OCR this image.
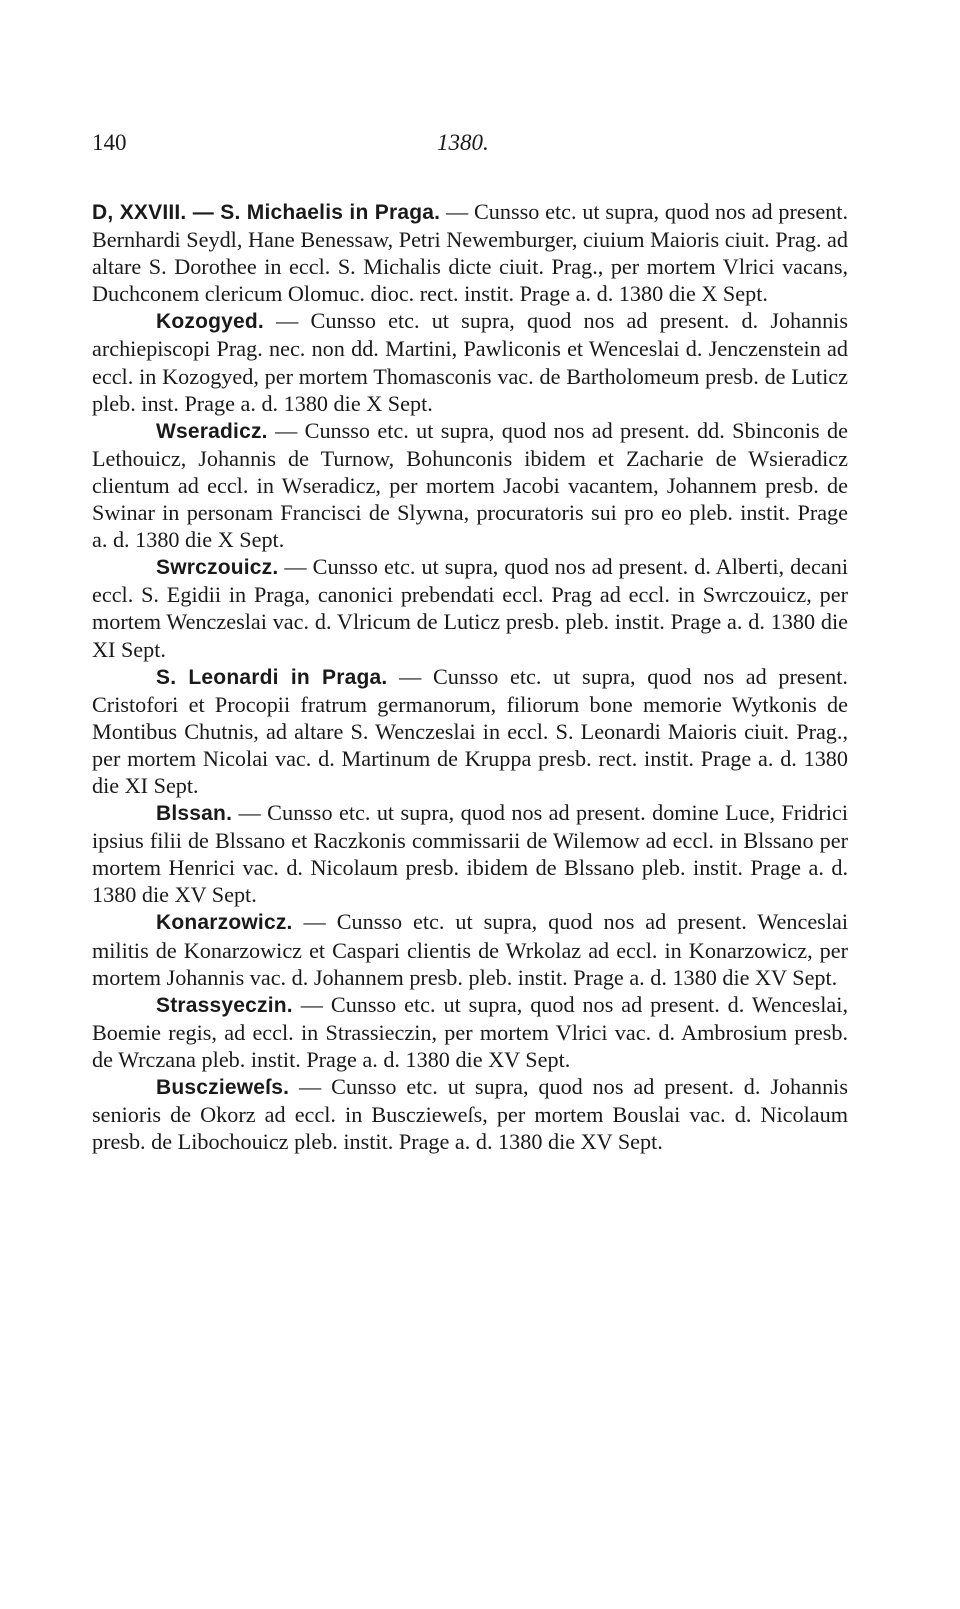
140	1380.

D, XXVIII. — S. Michaelis in Praga. — Cunsso etc. ut supra, quod nos ad present. Bernhardi Seydl, Hane Benessaw, Petri Newemburger, ciuium Maioris ciuit. Prag. ad altare S. Dorothee in eccl. S. Michalis dicte ciuit. Prag., per mortem Vlrici vacans, Duchconem clericum Olomuc. dioc. rect. instit. Prage a. d. 1380 die X Sept.

Kozogyed. — Cunsso etc. ut supra, quod nos ad present. d. Johannis archiepiscopi Prag. nec. non dd. Martini, Pawliconis et Wenceslai d. Jenczenstein ad eccl. in Kozogyed, per mortem Thomasconis vac. de Bartholomeum presb. de Luticz pleb. inst. Prage a. d. 1380 die X Sept.

Wseradicz. — Cunsso etc. ut supra, quod nos ad present. dd. Sbinconis de Lethouicz, Johannis de Turnow, Bohunconis ibidem et Zacharie de Wsieradicz clientum ad eccl. in Wseradicz, per mortem Jacobi vacantem, Johannem presb. de Swinar in personam Francisci de Slywna, procuratoris sui pro eo pleb. instit. Prage a. d. 1380 die X Sept.

Swrczouicz. — Cunsso etc. ut supra, quod nos ad present. d. Alberti, decani eccl. S. Egidii in Praga, canonici prebendati eccl. Prag ad eccl. in Swrczouicz, per mortem Wenczeslai vac. d. Vlricum de Luticz presb. pleb. instit. Prage a. d. 1380 die XI Sept.

S. Leonardi in Praga. — Cunsso etc. ut supra, quod nos ad present. Cristofori et Procopii fratrum germanorum, filiorum bone memorie Wytkonis de Montibus Chutnis, ad altare S. Wenczeslai in eccl. S. Leonardi Maioris ciuit. Prag., per mortem Nicolai vac. d. Martinum de Kruppa presb. rect. instit. Prage a. d. 1380 die XI Sept.

Blssan. — Cunsso etc. ut supra, quod nos ad present. domine Luce, Fridrici ipsius filii de Blssano et Raczkonis commissarii de Wilemow ad eccl. in Blssano per mortem Henrici vac. d. Nicolaum presb. ibidem de Blssano pleb. instit. Prage a. d. 1380 die XV Sept.

Konarzowicz. — Cunsso etc. ut supra, quod nos ad present. Wenceslai militis de Konarzowicz et Caspari clientis de Wrkolaz ad eccl. in Konarzowicz, per mortem Johannis vac. d. Johannem presb. pleb. instit. Prage a. d. 1380 die XV Sept.

Strassyeczin. — Cunsso etc. ut supra, quod nos ad present. d. Wenceslai, Boemie regis, ad eccl. in Strassieczin, per mortem Vlrici vac. d. Ambrosium presb. de Wrczana pleb. instit. Prage a. d. 1380 die XV Sept.

Busczieweſs. — Cunsso etc. ut supra, quod nos ad present. d. Johannis senioris de Okorz ad eccl. in Busczieweſs, per mortem Bouslai vac. d. Nicolaum presb. de Libochouicz pleb. instit. Prage a. d. 1380 die XV Sept.
